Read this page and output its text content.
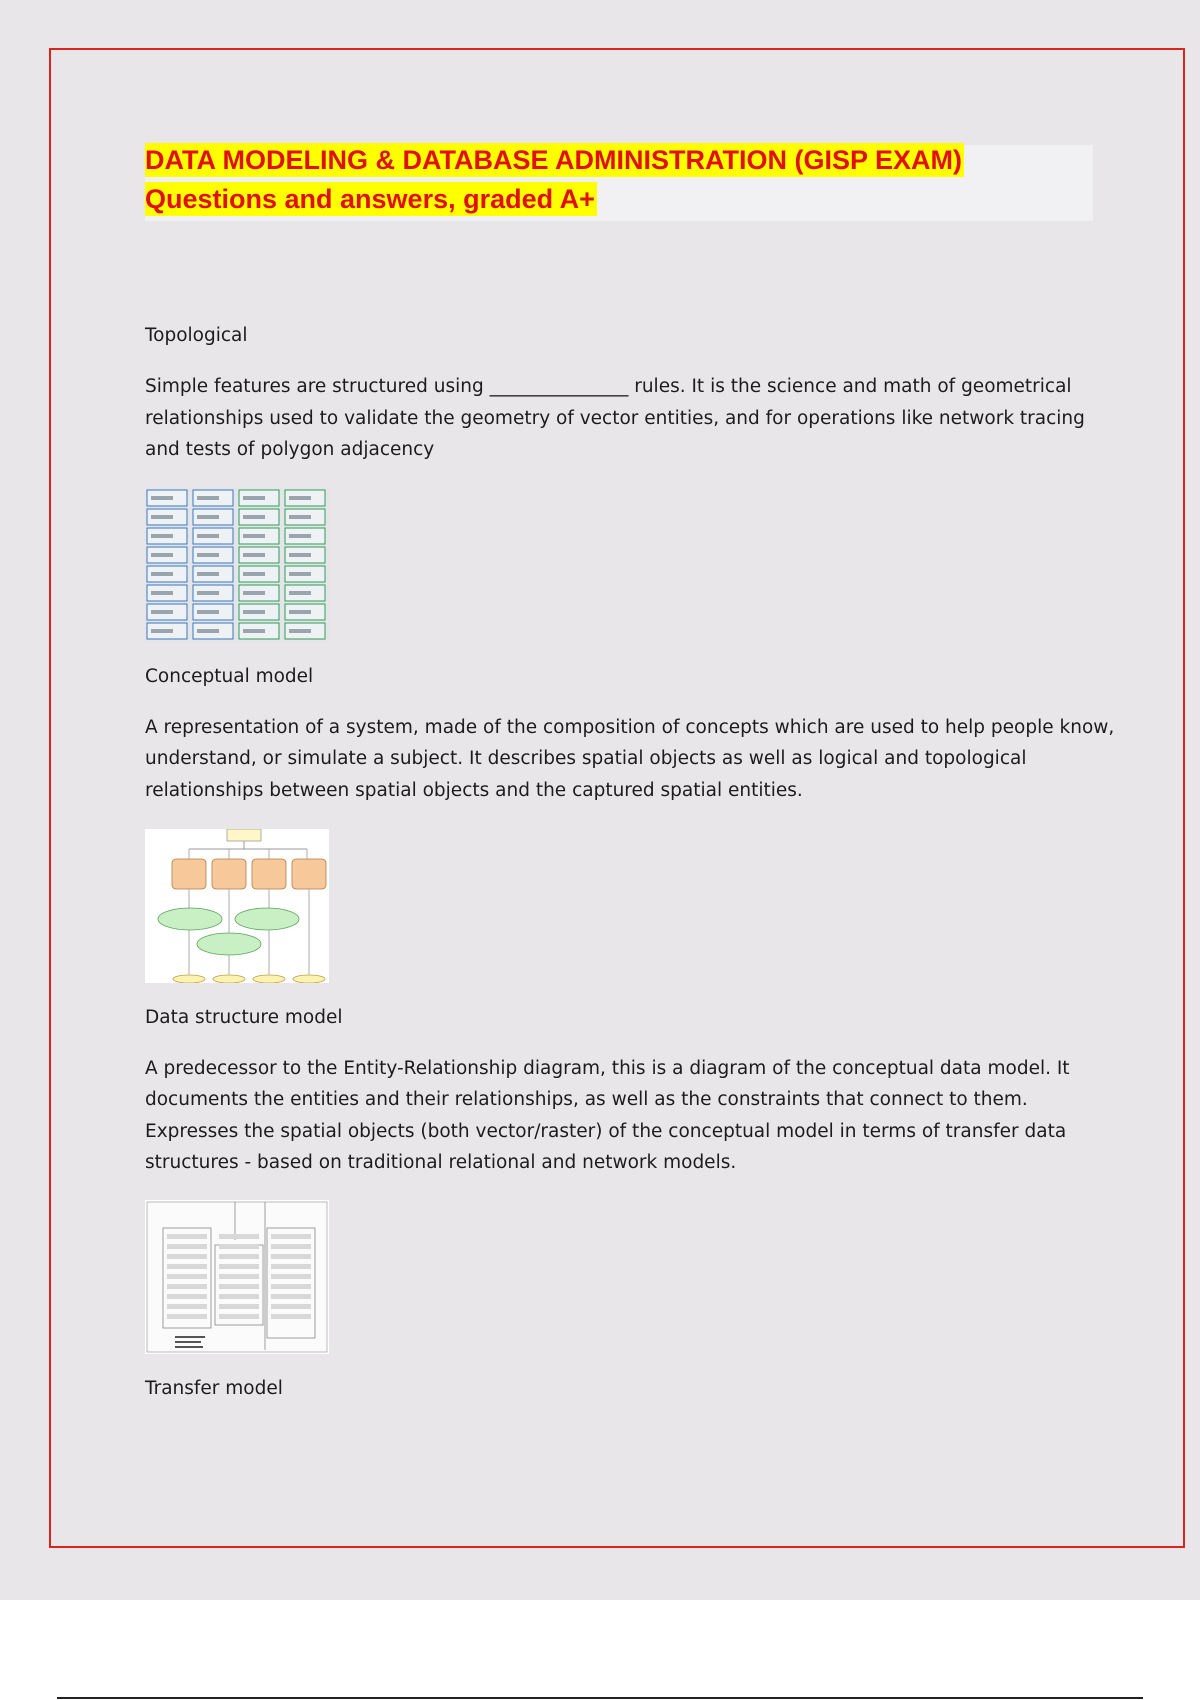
DATA MODELING & DATABASE ADMINISTRATION (GISP EXAM)
Questions and answers, graded A+
Topological
Simple features are structured using _______________ rules. It is the science and math of geometrical
relationships used to validate the geometry of vector entities, and for operations like network tracing
and tests of polygon adjacency
Conceptual model
A representation of a system, made of the composition of concepts which are used to help people know,
understand, or simulate a subject. It describes spatial objects as well as logical and topological
relationships between spatial objects and the captured spatial entities.
Data structure model
A predecessor to the Entity-Relationship diagram, this is a diagram of the conceptual data model. It
documents the entities and their relationships, as well as the constraints that connect to them.
Expresses the spatial objects (both vector/raster) of the conceptual model in terms of transfer data
structures - based on traditional relational and network models.
Transfer model
